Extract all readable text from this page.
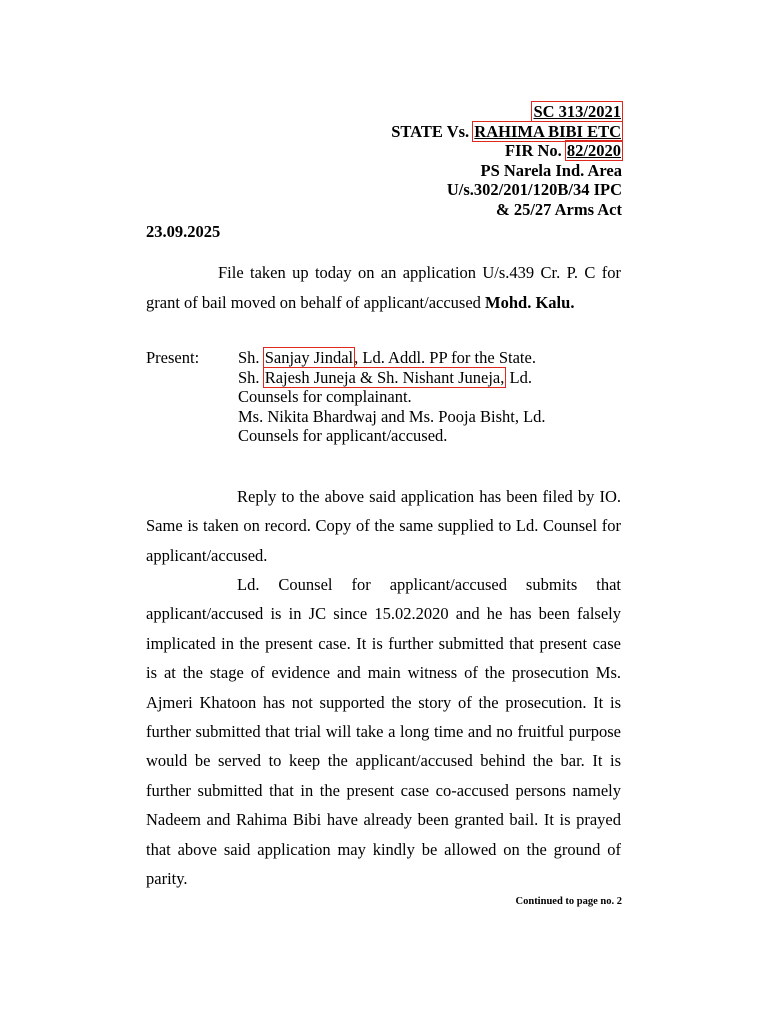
SC 313/2021
STATE Vs. RAHIMA BIBI ETC
FIR No. 82/2020
PS Narela Ind. Area
U/s.302/201/120B/34 IPC
& 25/27 Arms Act
23.09.2025
File taken up today on an application U/s.439 Cr. P. C for grant of bail moved on behalf of applicant/accused Mohd. Kalu.
Present: Sh. Sanjay Jindal, Ld. Addl. PP for the State.
Sh. Rajesh Juneja & Sh. Nishant Juneja, Ld.
Counsels for complainant.
Ms. Nikita Bhardwaj and Ms. Pooja Bisht, Ld.
Counsels for applicant/accused.

Reply to the above said application has been filed by IO. Same is taken on record. Copy of the same supplied to Ld. Counsel for applicant/accused.

Ld. Counsel for applicant/accused submits that applicant/accused is in JC since 15.02.2020 and he has been falsely implicated in the present case. It is further submitted that present case is at the stage of evidence and main witness of the prosecution Ms. Ajmeri Khatoon has not supported the story of the prosecution. It is further submitted that trial will take a long time and no fruitful purpose would be served to keep the applicant/accused behind the bar. It is further submitted that in the present case co-accused persons namely Nadeem and Rahima Bibi have already been granted bail. It is prayed that above said application may kindly be allowed on the ground of parity.

Continued to page no. 2
